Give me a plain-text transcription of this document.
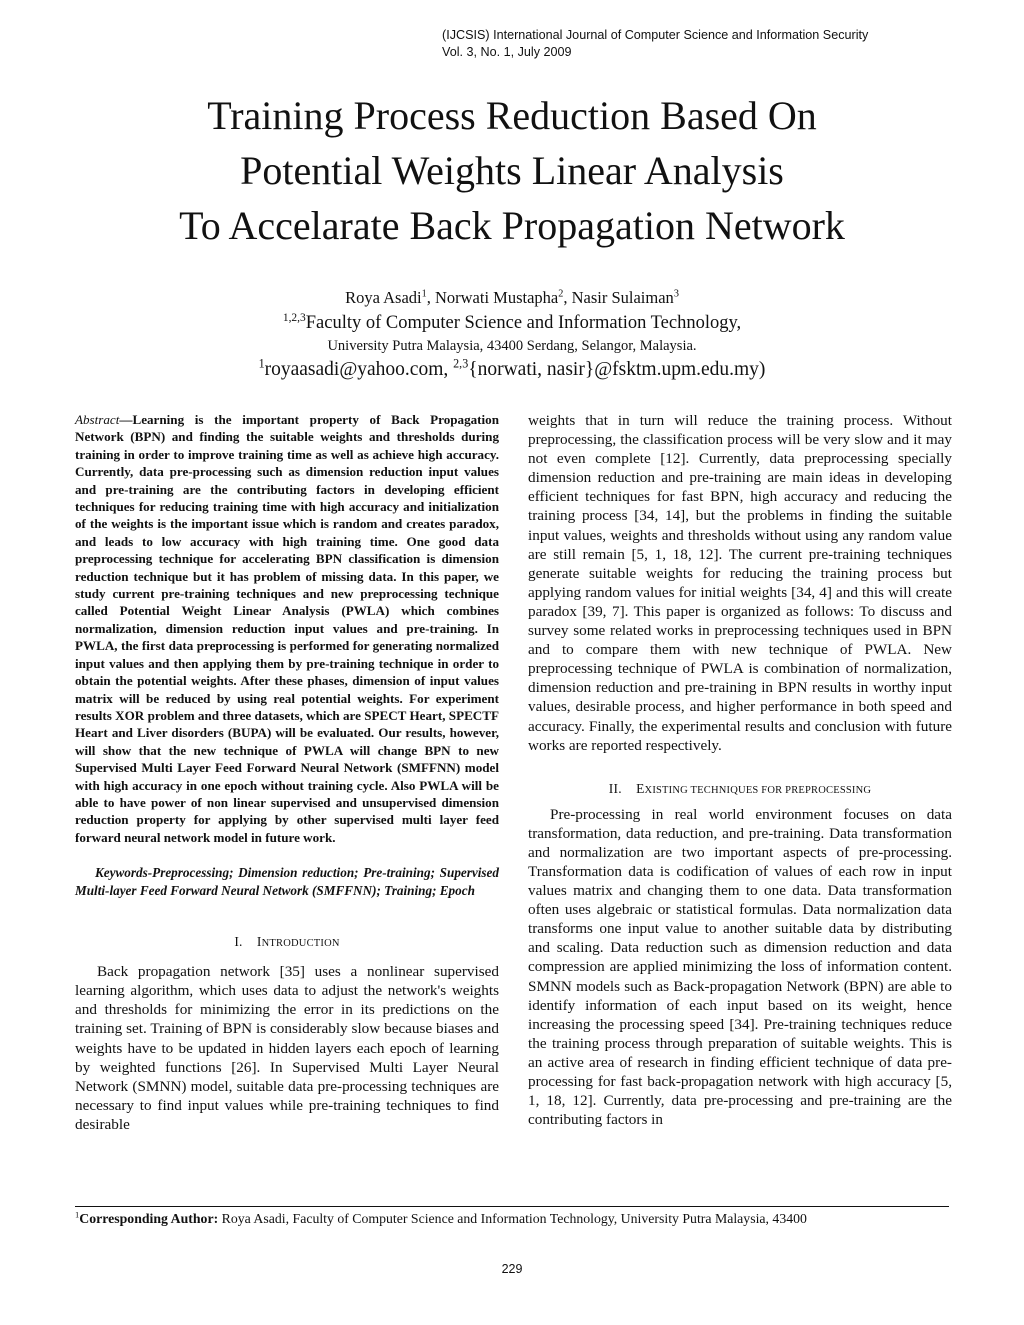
(IJCSIS) International Journal of Computer Science and Information Security
Vol. 3, No. 1, July 2009
Training Process Reduction Based On
Potential Weights Linear Analysis
To Accelarate Back Propagation Network
Roya Asadi$^1$, Norwati Mustapha$^2$, Nasir Sulaiman$^3$
$^{1,2,3}$Faculty of Computer Science and Information Technology,
University Putra Malaysia, 43400 Serdang, Selangor, Malaysia.
$^1$royaasadi@yahoo.com, $^{2,3}${norwati, nasir}@fsktm.upm.edu.my)

Abstract—Learning is the important property of Back Propagation Network (BPN) and finding the suitable weights and thresholds during training in order to improve training time as well as achieve high accuracy. Currently, data pre-processing such as dimension reduction input values and pre-training are the contributing factors in developing efficient techniques for reducing training time with high accuracy and initialization of the weights is the important issue which is random and creates paradox, and leads to low accuracy with high training time. One good data preprocessing technique for accelerating BPN classification is dimension reduction technique but it has problem of missing data. In this paper, we study current pre-training techniques and new preprocessing technique called Potential Weight Linear Analysis (PWLA) which combines normalization, dimension reduction input values and pre-training. In PWLA, the first data preprocessing is performed for generating normalized input values and then applying them by pre-training technique in order to obtain the potential weights. After these phases, dimension of input values matrix will be reduced by using real potential weights. For experiment results XOR problem and three datasets, which are SPECT Heart, SPECTF Heart and Liver disorders (BUPA) will be evaluated. Our results, however, will show that the new technique of PWLA will change BPN to new Supervised Multi Layer Feed Forward Neural Network (SMFFNN) model with high accuracy in one epoch without training cycle. Also PWLA will be able to have power of non linear supervised and unsupervised dimension reduction property for applying by other supervised multi layer feed forward neural network model in future work.

Keywords-Preprocessing; Dimension reduction; Pre-training; Supervised Multi-layer Feed Forward Neural Network (SMFFNN); Training; Epoch

I. INTRODUCTION

Back propagation network [35] uses a nonlinear supervised learning algorithm, which uses data to adjust the network's weights and thresholds for minimizing the error in its predictions on the training set. Training of BPN is considerably slow because biases and weights have to be updated in hidden layers each epoch of learning by weighted functions [26]. In Supervised Multi Layer Neural Network (SMNN) model, suitable data pre-processing techniques are necessary to find input values while pre-training techniques to find desirable

weights that in turn will reduce the training process. Without preprocessing, the classification process will be very slow and it may not even complete [12]. Currently, data preprocessing specially dimension reduction and pre-training are main ideas in developing efficient techniques for fast BPN, high accuracy and reducing the training process [34, 14], but the problems in finding the suitable input values, weights and thresholds without using any random value are still remain [5, 1, 18, 12]. The current pre-training techniques generate suitable weights for reducing the training process but applying random values for initial weights [34, 4] and this will create paradox [39, 7]. This paper is organized as follows: To discuss and survey some related works in preprocessing techniques used in BPN and to compare them with new technique of PWLA. New preprocessing technique of PWLA is combination of normalization, dimension reduction and pre-training in BPN results in worthy input values, desirable process, and higher performance in both speed and accuracy. Finally, the experimental results and conclusion with future works are reported respectively.

II. EXISTING TECHNIQUES FOR PREPROCESSING

Pre-processing in real world environment focuses on data transformation, data reduction, and pre-training. Data transformation and normalization are two important aspects of pre-processing. Transformation data is codification of values of each row in input values matrix and changing them to one data. Data transformation often uses algebraic or statistical formulas. Data normalization data transforms one input value to another suitable data by distributing and scaling. Data reduction such as dimension reduction and data compression are applied minimizing the loss of information content. SMNN models such as Back-propagation Network (BPN) are able to identify information of each input based on its weight, hence increasing the processing speed [34]. Pre-training techniques reduce the training process through preparation of suitable weights. This is an active area of research in finding efficient technique of data pre-processing for fast back-propagation network with high accuracy [5, 1, 18, 12]. Currently, data pre-processing and pre-training are the contributing factors in

$^1$Corresponding Author: Roya Asadi, Faculty of Computer Science and Information Technology, University Putra Malaysia, 43400
229
